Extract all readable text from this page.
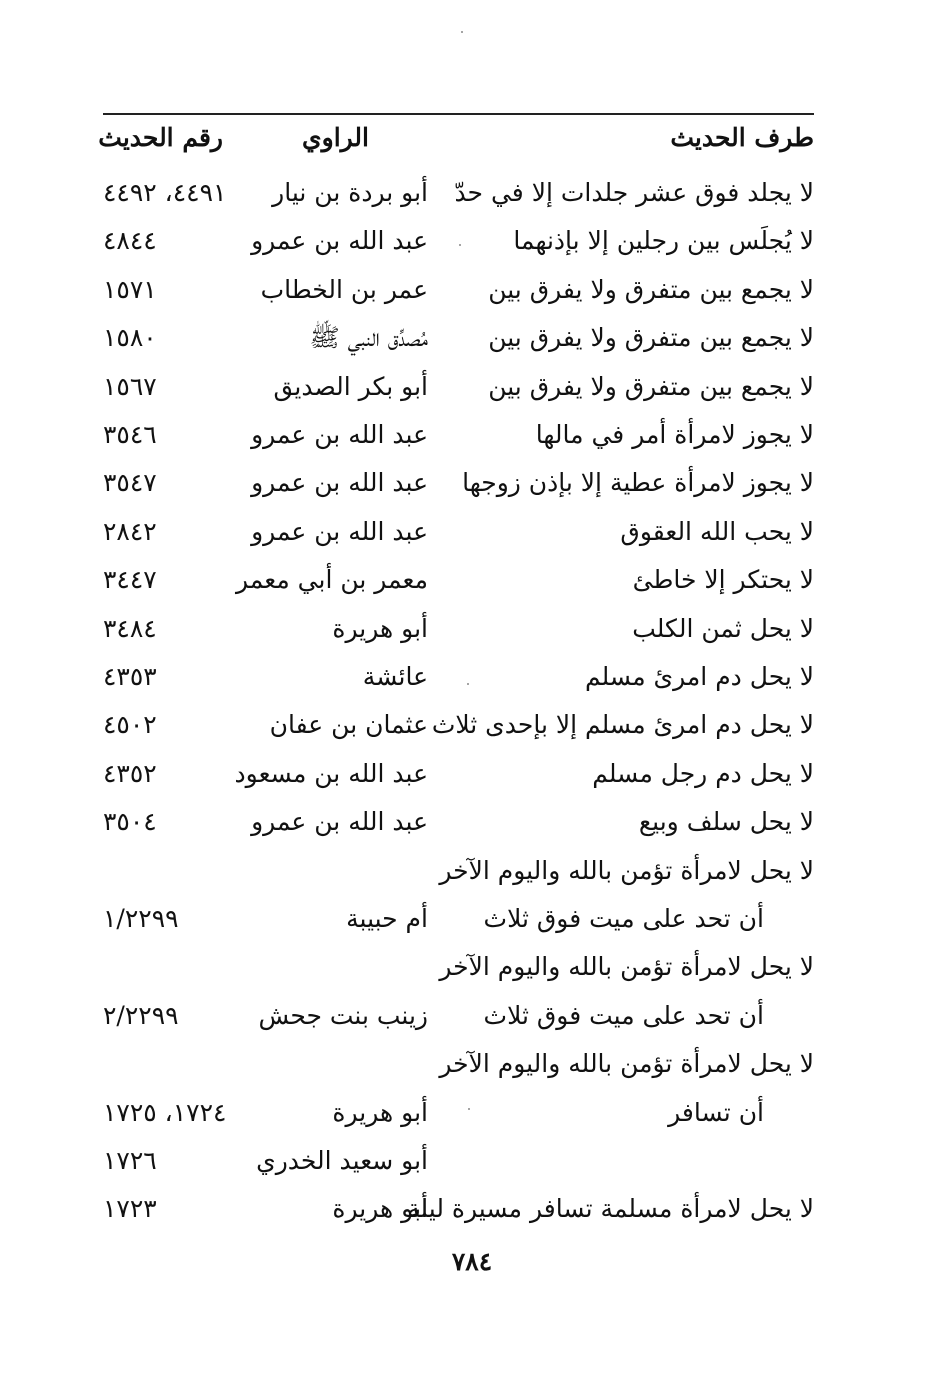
طرف الحديث
الراوي
رقم الحديث
لا يجلد فوق عشر جلدات إلا في حدّ
أبو بردة بن نيار
٤٤٩١، ٤٤٩٢
لا يُجلَس بين رجلين إلا بإذنهما
عبد الله بن عمرو
٤٨٤٤
لا يجمع بين متفرق ولا يفرق بين
عمر بن الخطاب
١٥٧١
لا يجمع بين متفرق ولا يفرق بين
مُصدِّق النبي ﷺ
١٥٨٠
لا يجمع بين متفرق ولا يفرق بين
أبو بكر الصديق
١٥٦٧
لا يجوز لامرأة أمر في مالها
عبد الله بن عمرو
٣٥٤٦
لا يجوز لامرأة عطية إلا بإذن زوجها
عبد الله بن عمرو
٣٥٤٧
لا يحب الله العقوق
عبد الله بن عمرو
٢٨٤٢
لا يحتكر إلا خاطئ
معمر بن أبي معمر
٣٤٤٧
لا يحل ثمن الكلب
أبو هريرة
٣٤٨٤
لا يحل دم امرئ مسلم
عائشة
٤٣٥٣
لا يحل دم امرئ مسلم إلا بإحدى ثلاث
عثمان بن عفان
٤٥٠٢
لا يحل دم رجل مسلم
عبد الله بن مسعود
٤٣٥٢
لا يحل سلف وبيع
عبد الله بن عمرو
٣٥٠٤
لا يحل لامرأة تؤمن بالله واليوم الآخر
أن تحد على ميت فوق ثلاث
أم حبيبة
١/٢٢٩٩
لا يحل لامرأة تؤمن بالله واليوم الآخر
أن تحد على ميت فوق ثلاث
زينب بنت جحش
٢/٢٢٩٩
لا يحل لامرأة تؤمن بالله واليوم الآخر
أن تسافر
أبو هريرة
١٧٢٤، ١٧٢٥
أبو سعيد الخدري
١٧٢٦
لا يحل لامرأة مسلمة تسافر مسيرة ليلة
أبو هريرة
١٧٢٣
٧٨٤
